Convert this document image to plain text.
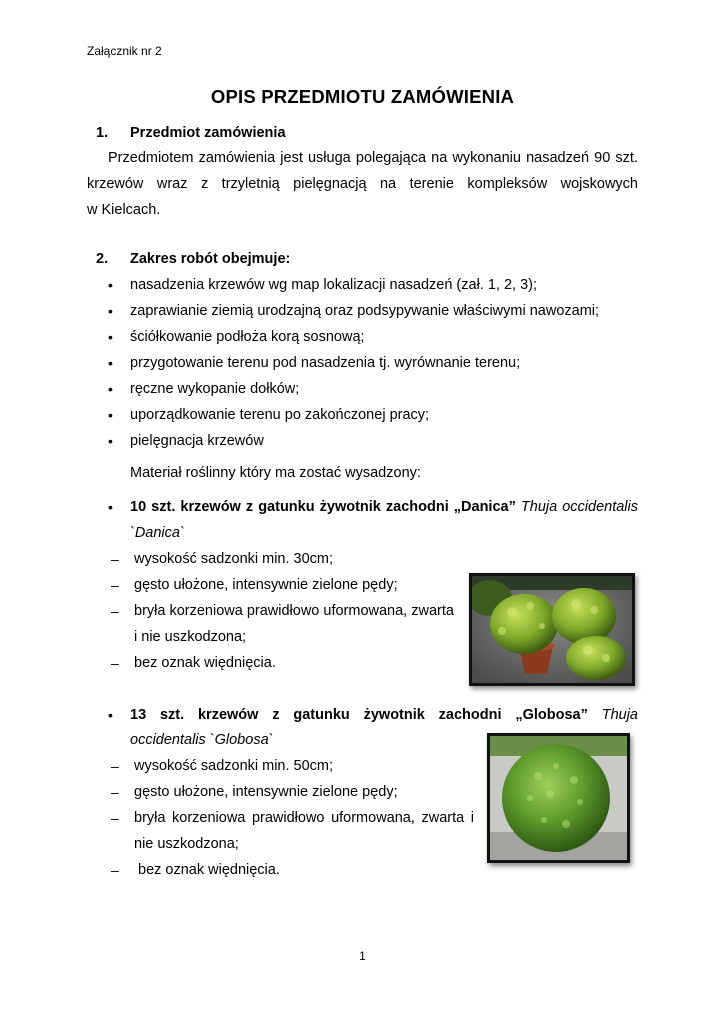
Załącznik nr 2
OPIS PRZEDMIOTU ZAMÓWIENIA
1. Przedmiot zamówienia
Przedmiotem zamówienia jest usługa polegająca na wykonaniu nasadzeń 90 szt.
krzewów wraz z trzyletnią pielęgnacją na terenie kompleksów wojskowych
w Kielcach.
2. Zakres robót obejmuje:
• nasadzenia krzewów wg map lokalizacji nasadzeń (zał. 1, 2, 3);
• zaprawianie ziemią urodzajną oraz podsypywanie właściwymi nawozami;
• ściółkowanie podłoża korą sosnową;
• przygotowanie terenu pod nasadzenia tj. wyrównanie terenu;
• ręczne wykopanie dołków;
• uporządkowanie terenu po zakończonej pracy;
• pielęgnacja krzewów
Materiał roślinny który ma zostać wysadzony:
• 10 szt. krzewów z gatunku żywotnik zachodni „Danica” Thuja occidentalis
`Danica`
– wysokość sadzonki min. 30cm;
– gęsto ułożone, intensywnie zielone pędy;
– bryła korzeniowa prawidłowo uformowana, zwarta
i nie uszkodzona;
– bez oznak więdnięcia.
• 13 szt. krzewów z gatunku żywotnik zachodni „Globosa” Thuja
occidentalis `Globosa`
– wysokość sadzonki min. 50cm;
– gęsto ułożone, intensywnie zielone pędy;
– bryła korzeniowa prawidłowo uformowana, zwarta i
nie uszkodzona;
– bez oznak więdnięcia.
1
